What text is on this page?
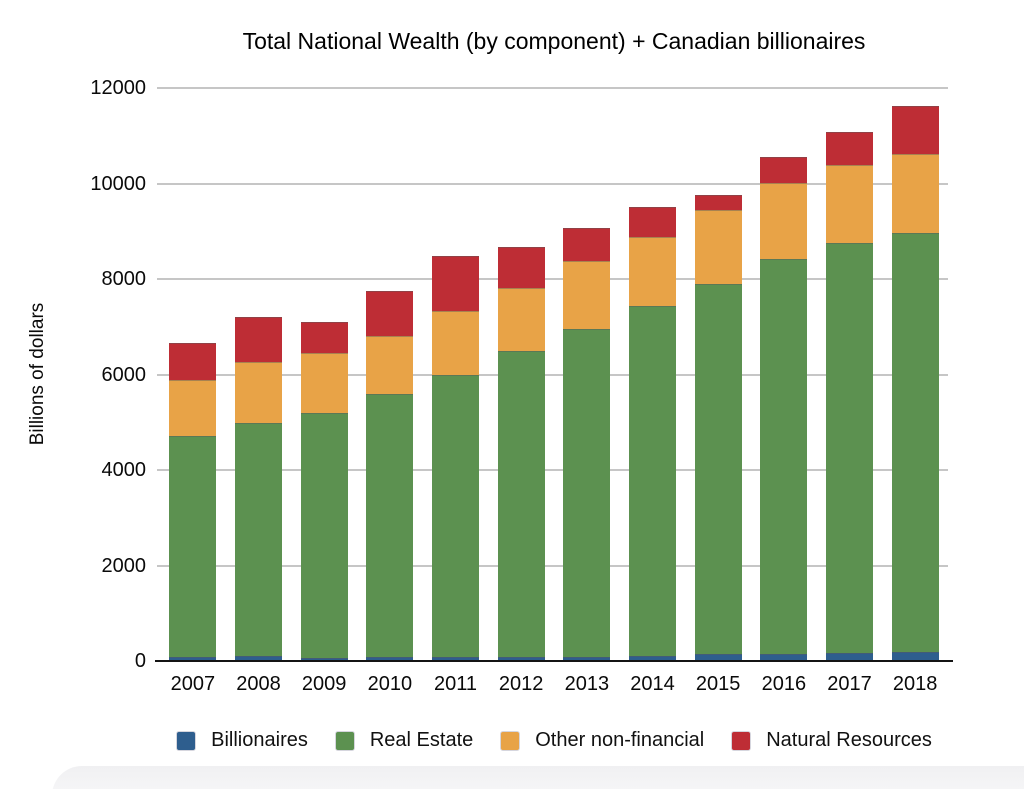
Total National Wealth (by component) + Canadian billionaires
Billions of dollars
0
2000
4000
6000
8000
10000
12000
2007	2008	2009	2010	2011	2012	2013	2014	2015	2016	2017	2018
Billionaires	Real Estate	Other non-financial	Natural Resources
